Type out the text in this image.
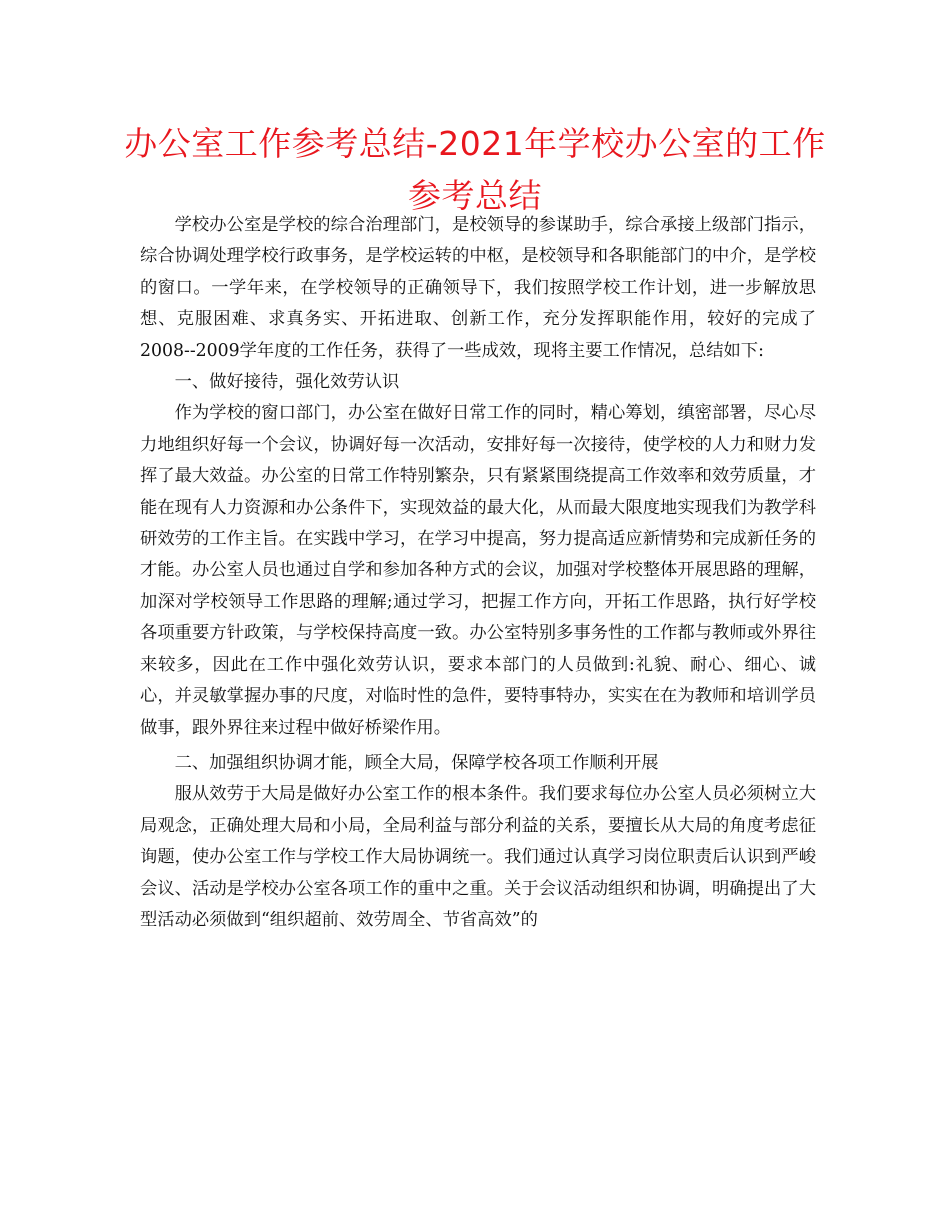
办公室工作参考总结-2021年学校办公室的工作参考总结

学校办公室是学校的综合治理部门，是校领导的参谋助手，综合承接上级部门指示，综合协调处理学校行政事务，是学校运转的中枢，是校领导和各职能部门的中介，是学校的窗口。一学年来，在学校领导的正确领导下，我们按照学校工作计划，进一步解放思想、克服困难、求真务实、开拓进取、创新工作，充分发挥职能作用，较好的完成了2008--2009学年度的工作任务，获得了一些成效，现将主要工作情况，总结如下:

一、做好接待，强化效劳认识

作为学校的窗口部门，办公室在做好日常工作的同时，精心筹划，缜密部署，尽心尽力地组织好每一个会议，协调好每一次活动，安排好每一次接待，使学校的人力和财力发挥了最大效益。办公室的日常工作特别繁杂，只有紧紧围绕提高工作效率和效劳质量，才能在现有人力资源和办公条件下，实现效益的最大化，从而最大限度地实现我们为教学科研效劳的工作主旨。在实践中学习，在学习中提高，努力提高适应新情势和完成新任务的才能。办公室人员也通过自学和参加各种方式的会议，加强对学校整体开展思路的理解，加深对学校领导工作思路的理解;通过学习，把握工作方向，开拓工作思路，执行好学校各项重要方针政策，与学校保持高度一致。办公室特别多事务性的工作都与教师或外界往来较多，因此在工作中强化效劳认识，要求本部门的人员做到:礼貌、耐心、细心、诚心，并灵敏掌握办事的尺度，对临时性的急件，要特事特办，实实在在为教师和培训学员做事，跟外界往来过程中做好桥梁作用。

二、加强组织协调才能，顾全大局，保障学校各项工作顺利开展

服从效劳于大局是做好办公室工作的根本条件。我们要求每位办公室人员必须树立大局观念，正确处理大局和小局，全局利益与部分利益的关系，要擅长从大局的角度考虑征询题，使办公室工作与学校工作大局协调统一。我们通过认真学习岗位职责后认识到严峻会议、活动是学校办公室各项工作的重中之重。关于会议活动组织和协调，明确提出了大型活动必须做到“组织超前、效劳周全、节省高效”的
